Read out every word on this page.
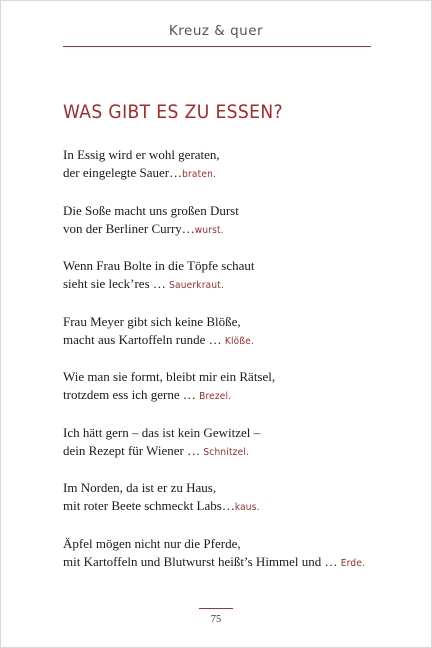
Kreuz & quer
WAS GIBT ES ZU ESSEN?
In Essig wird er wohl geraten,
der eingelegte Sauer…braten.
Die Soße macht uns großen Durst
von der Berliner Curry…wurst.
Wenn Frau Bolte in die Töpfe schaut
sieht sie leck’res … Sauerkraut.
Frau Meyer gibt sich keine Blöße,
macht aus Kartoffeln runde … Klöße.
Wie man sie formt, bleibt mir ein Rätsel,
trotzdem ess ich gerne … Brezel.
Ich hätt gern – das ist kein Gewitzel –
dein Rezept für Wiener … Schnitzel.
Im Norden, da ist er zu Haus,
mit roter Beete schmeckt Labs…kaus.
Äpfel mögen nicht nur die Pferde,
mit Kartoffeln und Blutwurst heißt’s Himmel und … Erde.
75
